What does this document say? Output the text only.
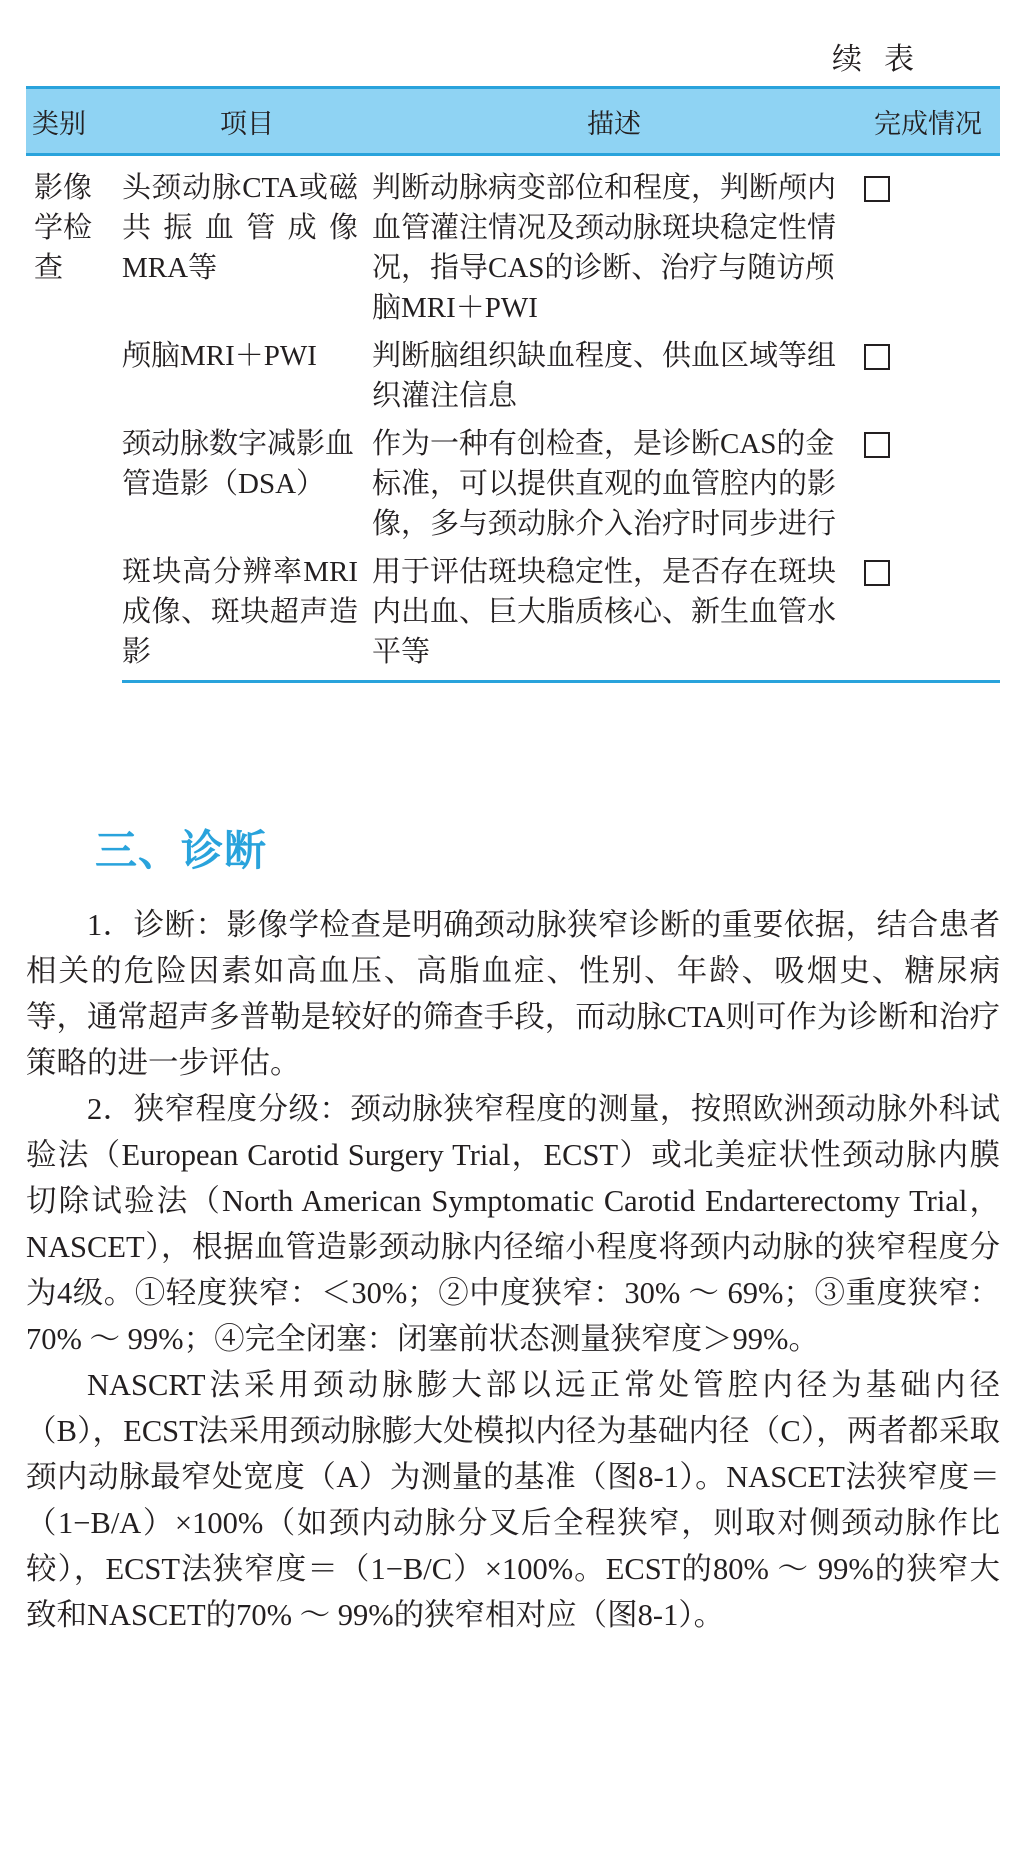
续表
类别	项目	描述	完成情况
影像学检查	头颈动脉CTA或磁共振血管成像MRA等	判断动脉病变部位和程度，判断颅内血管灌注情况及颈动脉斑块稳定性情况，指导CAS的诊断、治疗与随访颅脑MRI＋PWI	
	颅脑MRI＋PWI	判断脑组织缺血程度、供血区域等组织灌注信息	
	颈动脉数字减影血管造影（DSA）	作为一种有创检查，是诊断CAS的金标准，可以提供直观的血管腔内的影像，多与颈动脉介入治疗时同步进行	
	斑块高分辨率MRI成像、斑块超声造影	用于评估斑块稳定性，是否存在斑块内出血、巨大脂质核心、新生血管水平等	
三、诊断

1．诊断：影像学检查是明确颈动脉狭窄诊断的重要依据，结合患者相关的危险因素如高血压、高脂血症、性别、年龄、吸烟史、糖尿病等，通常超声多普勒是较好的筛查手段，而动脉CTA则可作为诊断和治疗策略的进一步评估。

2．狭窄程度分级：颈动脉狭窄程度的测量，按照欧洲颈动脉外科试验法（European Carotid Surgery Trial，ECST）或北美症状性颈动脉内膜切除试验法（North American Symptomatic Carotid Endarterectomy Trial，NASCET），根据血管造影颈动脉内径缩小程度将颈内动脉的狭窄程度分为4级。①轻度狭窄：＜30%；②中度狭窄：30% ～ 69%；③重度狭窄：70% ～ 99%；④完全闭塞：闭塞前状态测量狭窄度＞99%。

NASCRT法采用颈动脉膨大部以远正常处管腔内径为基础内径（B），ECST法采用颈动脉膨大处模拟内径为基础内径（C），两者都采取颈内动脉最窄处宽度（A）为测量的基准（图8-1）。NASCET法狭窄度＝（1−B/A）×100%（如颈内动脉分叉后全程狭窄，则取对侧颈动脉作比较），ECST法狭窄度＝（1−B/C）×100%。ECST的80% ～ 99%的狭窄大致和NASCET的70% ～ 99%的狭窄相对应（图8-1）。
